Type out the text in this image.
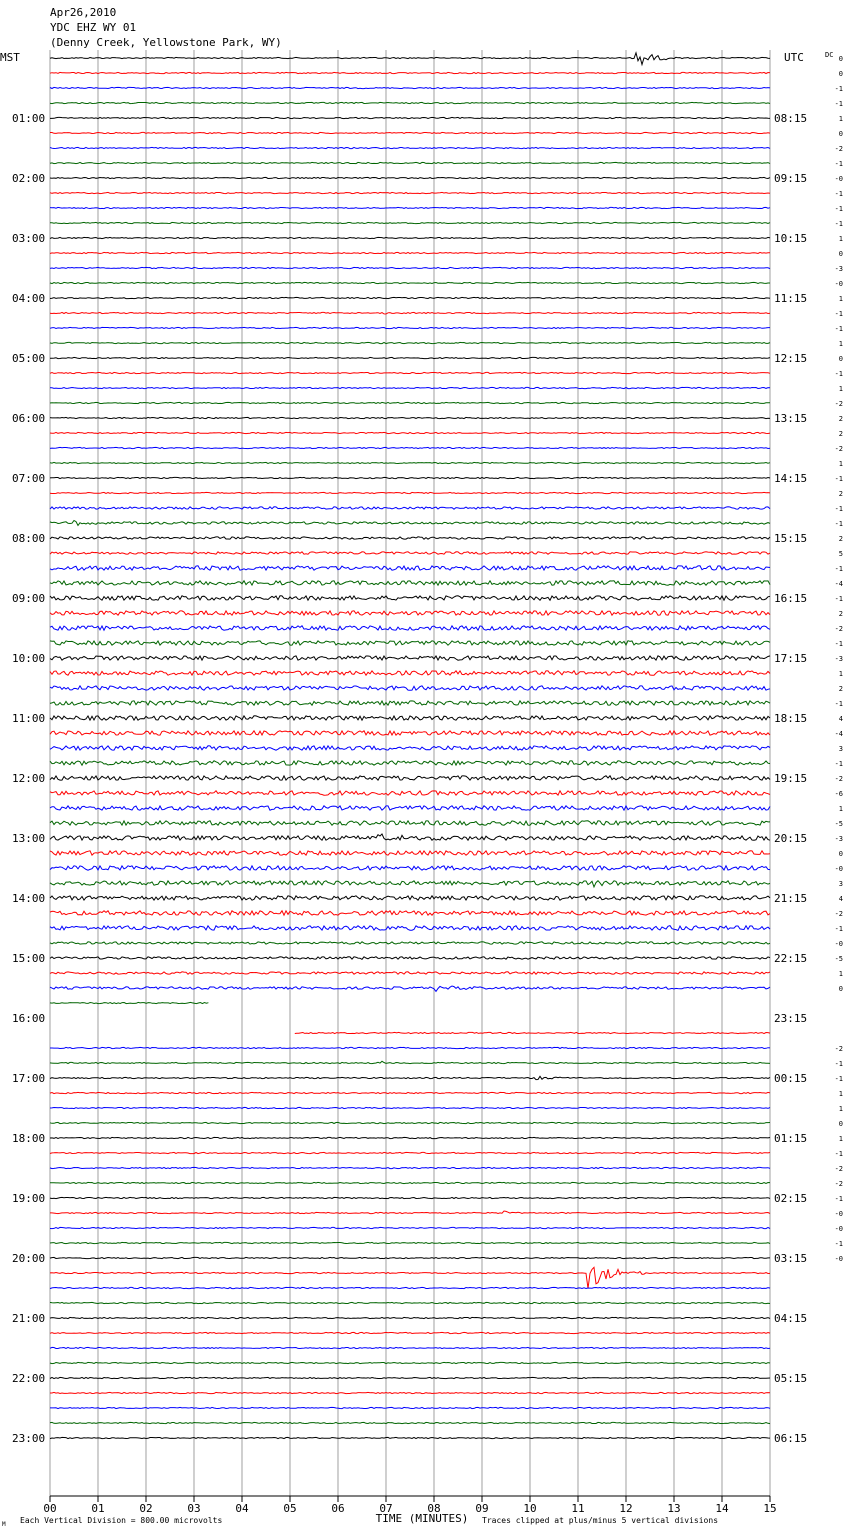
Apr26,2010
YDC EHZ WY 01
(Denny Creek, Yellowstone Park, WY)
MST	UTC	DC
01:00
02:00
03:00
04:00
05:00
06:00
07:00
08:00
09:00
10:00
11:00
12:00
13:00
14:00
15:00
16:00
17:00
18:00
19:00
20:00
21:00
22:00
23:00
08:15
09:15
10:15
11:15
12:15
13:15
14:15
15:15
16:15
17:15
18:15
19:15
20:15
21:15
22:15
23:15
00:15
01:15
02:15
03:15
04:15
05:15
06:15
0
0
-1
-1
1
0
-2
-1
-0
-1
-1
-1
1
0
-3
-0
1
-1
-1
1
0
-1
1
-2
2
2
-2
1
-1
2
-1
-1
2
5
-1
-4
-1
2
-2
-1
-3
1
2
-1
4
-4
3
-1
-2
-6
1
-5
-3
0
-0
3
4
-2
-1
-0
-5
1
0
-2
-1
-1
1
1
0
1
-1
-2
-2
-1
-0
-0
-1
-0
00	01	02	03	04	05	06	07	08	09	10	11	12	13	14	15
TIME (MINUTES)
Each Vertical Division = 800.00 microvolts	Traces clipped at plus/minus 5 vertical divisions
M
